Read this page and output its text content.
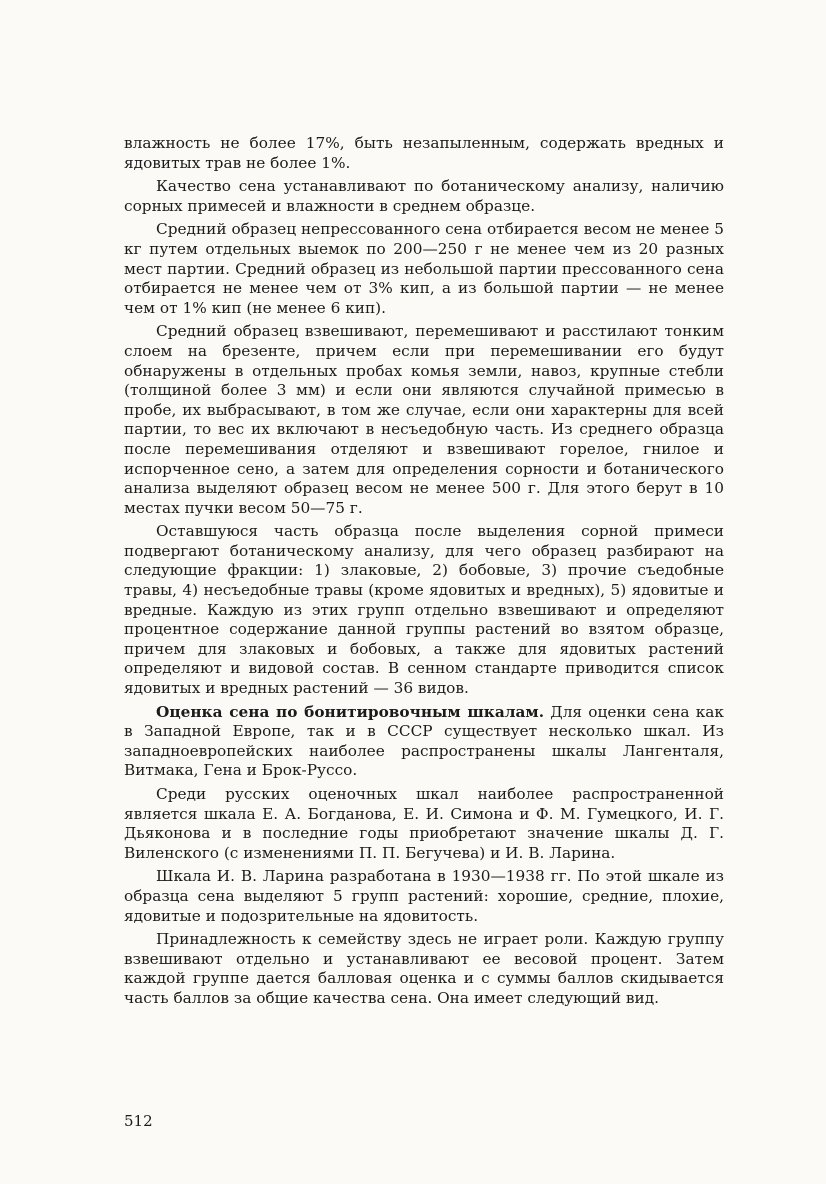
влажность не более 17%, быть незапыленным, содержать вредных и ядовитых трав не более 1%.

Качество сена устанавливают по ботаническому анализу, наличию сорных примесей и влажности в среднем образце.

Средний образец непрессованного сена отбирается весом не менее 5 кг путем отдельных выемок по 200—250 г не менее чем из 20 разных мест партии. Средний образец из небольшой партии прессованного сена отбирается не менее чем от 3% кип, а из большой партии — не менее чем от 1% кип (не менее 6 кип).

Средний образец взвешивают, перемешивают и расстилают тонким слоем на брезенте, причем если при перемешивании его будут обнаружены в отдельных пробах комья земли, навоз, крупные стебли (толщиной более 3 мм) и если они являются случайной примесью в пробе, их выбрасывают, в том же случае, если они характерны для всей партии, то вес их включают в несъедобную часть. Из среднего образца после перемешивания отделяют и взвешивают горелое, гнилое и испорченное сено, а затем для определения сорности и ботанического анализа выделяют образец весом не менее 500 г. Для этого берут в 10 местах пучки весом 50—75 г.

Оставшуюся часть образца после выделения сорной примеси подвергают ботаническому анализу, для чего образец разбирают на следующие фракции: 1) злаковые, 2) бобовые, 3) прочие съедобные травы, 4) несъедобные травы (кроме ядовитых и вредных), 5) ядовитые и вредные. Каждую из этих групп отдельно взвешивают и определяют процентное содержание данной группы растений во взятом образце, причем для злаковых и бобовых, а также для ядовитых растений определяют и видовой состав. В сенном стандарте приводится список ядовитых и вредных растений — 36 видов.

Оценка сена по бонитировочным шкалам. Для оценки сена как в Западной Европе, так и в СССР существует несколько шкал. Из западноевропейских наиболее распространены шкалы Лангенталя, Витмака, Гена и Брок-Руссо.

Среди русских оценочных шкал наиболее распространенной является шкала Е. А. Богданова, Е. И. Симона и Ф. М. Гумецкого, И. Г. Дьяконова и в последние годы приобретают значение шкалы Д. Г. Виленского (с изменениями П. П. Бегучева) и И. В. Ларина.

Шкала И. В. Ларина разработана в 1930—1938 гг. По этой шкале из образца сена выделяют 5 групп растений: хорошие, средние, плохие, ядовитые и подозрительные на ядовитость.

Принадлежность к семейству здесь не играет роли. Каждую группу взвешивают отдельно и устанавливают ее весовой процент. Затем каждой группе дается балловая оценка и с суммы баллов скидывается часть баллов за общие качества сена. Она имеет следующий вид.

512
